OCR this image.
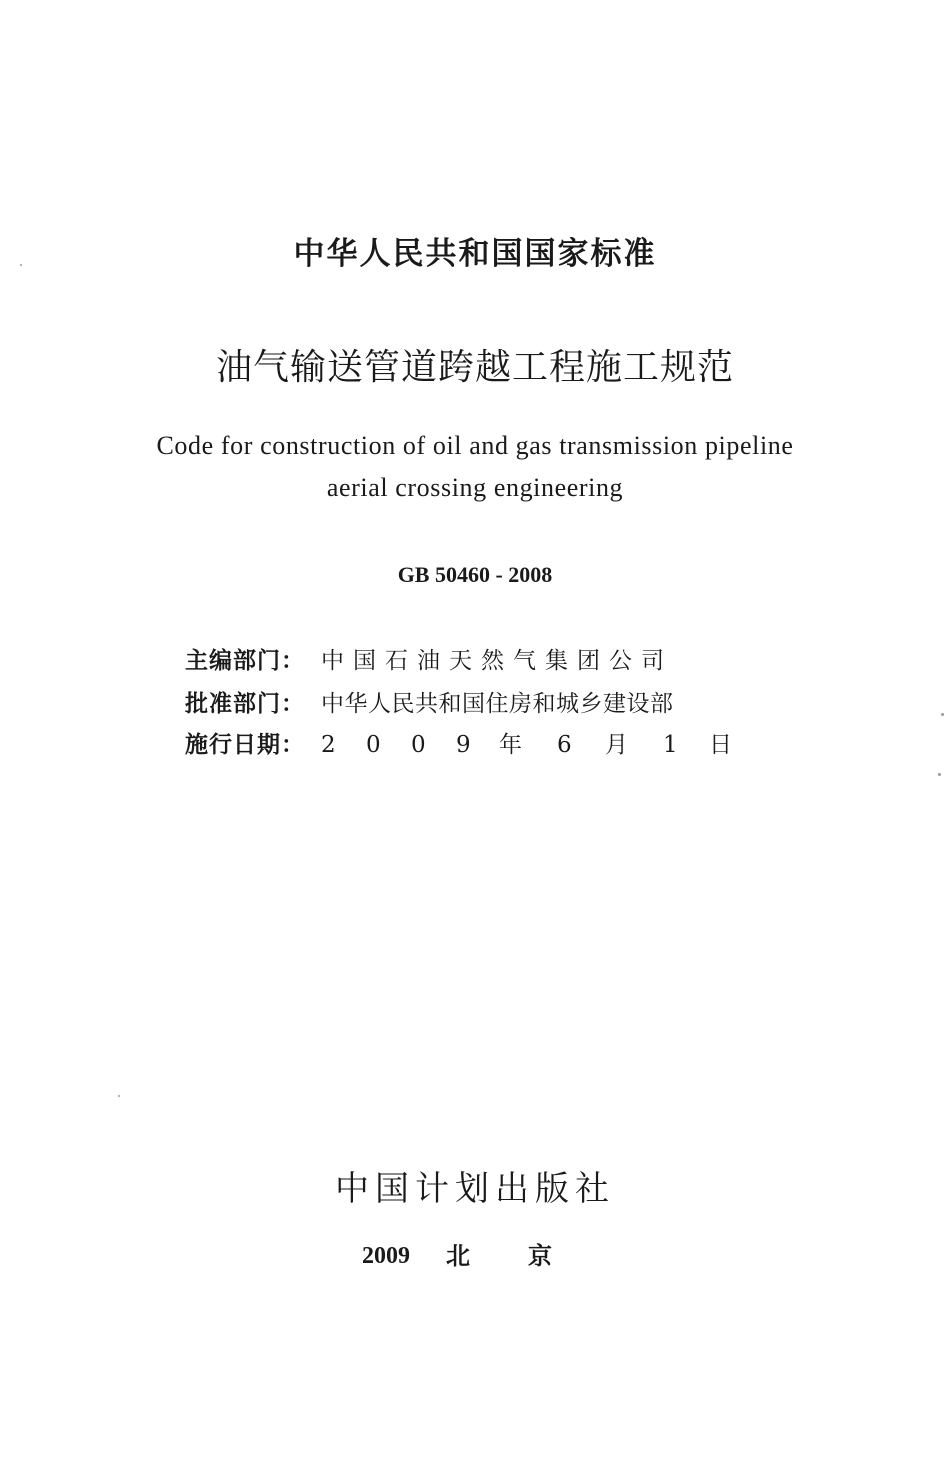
中华人民共和国国家标准
油气输送管道跨越工程施工规范
Code for construction of oil and gas transmission pipeline
aerial crossing engineering
GB 50460 - 2008
主编部门： 中国石油天然气集团公司
批准部门： 中华人民共和国住房和城乡建设部
施行日期： 2 0 0 9 年 6 月 1 日
中国计划出版社
2009 北 京
